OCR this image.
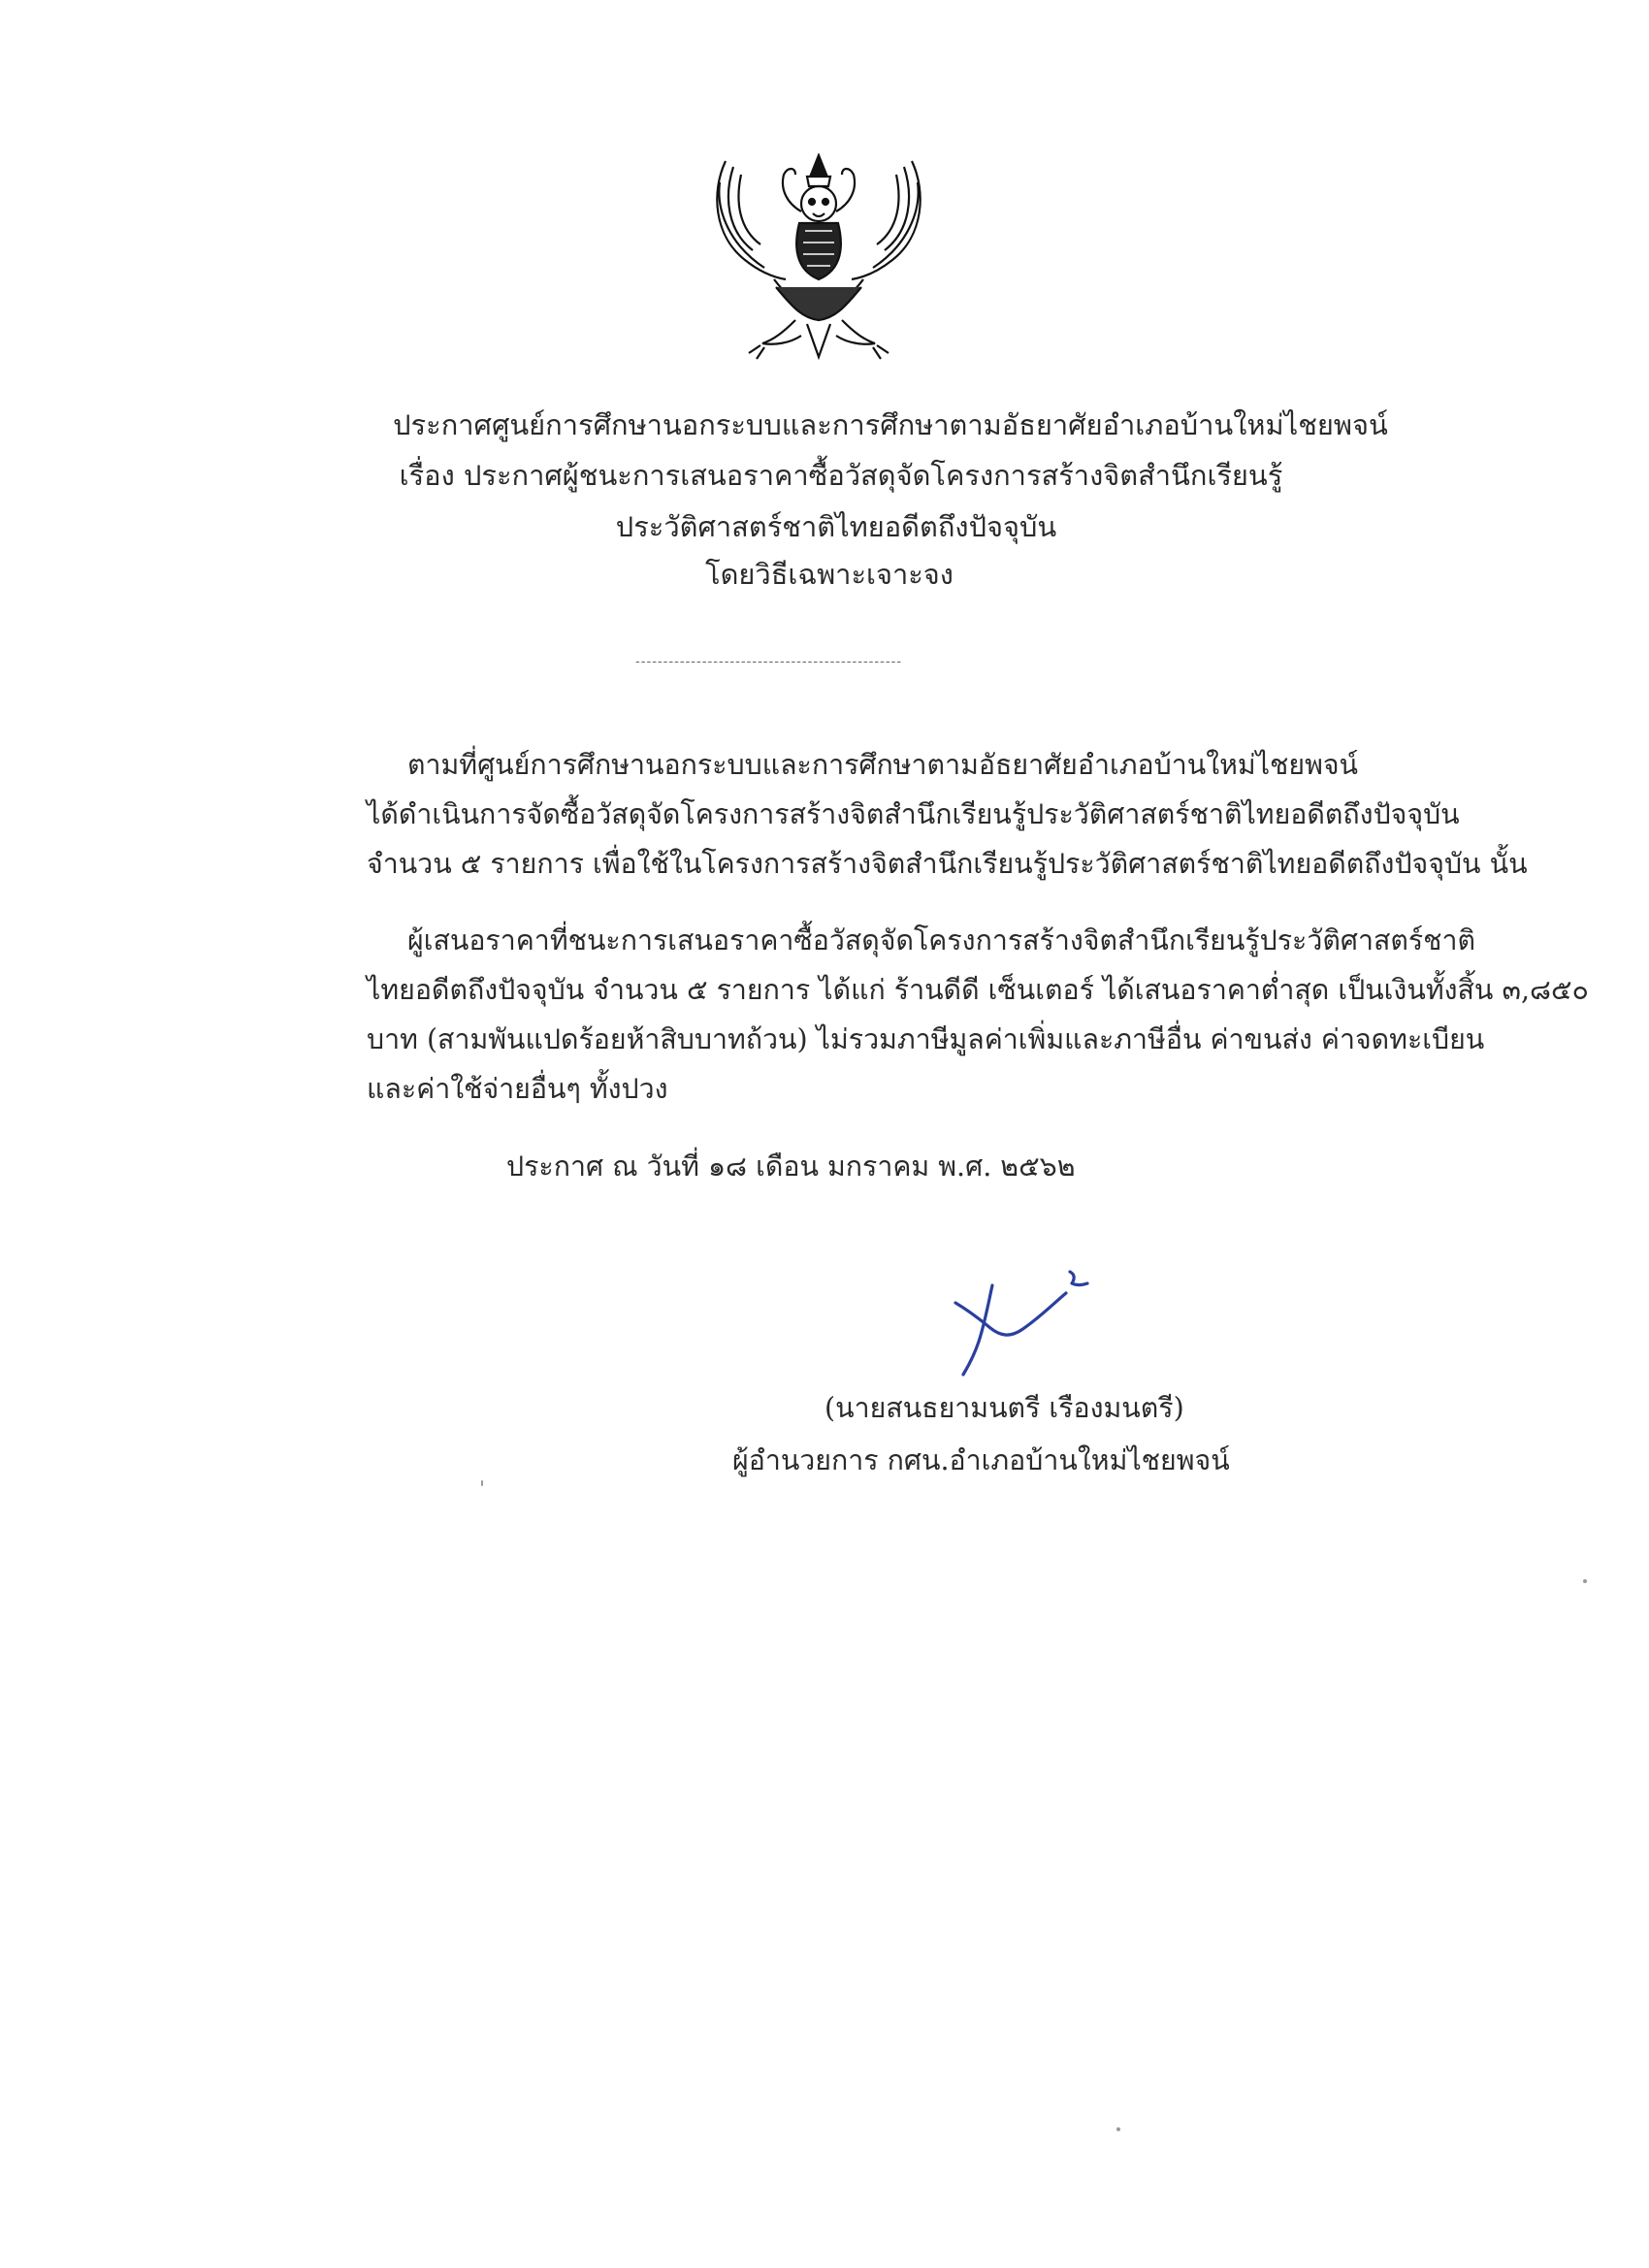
ประกาศศูนย์การศึกษานอกระบบและการศึกษาตามอัธยาศัยอำเภอบ้านใหม่ไชยพจน์
เรื่อง ประกาศผู้ชนะการเสนอราคาซื้อวัสดุจัดโครงการสร้างจิตสำนึกเรียนรู้
ประวัติศาสตร์ชาติไทยอดีตถึงปัจจุบัน
โดยวิธีเฉพาะเจาะจง
------------------------------------------------
ตามที่ศูนย์การศึกษานอกระบบและการศึกษาตามอัธยาศัยอำเภอบ้านใหม่ไชยพจน์
ได้ดำเนินการจัดซื้อวัสดุจัดโครงการสร้างจิตสำนึกเรียนรู้ประวัติศาสตร์ชาติไทยอดีตถึงปัจจุบัน
จำนวน ๕ รายการ เพื่อใช้ในโครงการสร้างจิตสำนึกเรียนรู้ประวัติศาสตร์ชาติไทยอดีตถึงปัจจุบัน นั้น
ผู้เสนอราคาที่ชนะการเสนอราคาซื้อวัสดุจัดโครงการสร้างจิตสำนึกเรียนรู้ประวัติศาสตร์ชาติ
ไทยอดีตถึงปัจจุบัน จำนวน ๕ รายการ ได้แก่ ร้านดีดี เซ็นเตอร์ ได้เสนอราคาต่ำสุด เป็นเงินทั้งสิ้น ๓,๘๕๐
บาท (สามพันแปดร้อยห้าสิบบาทถ้วน) ไม่รวมภาษีมูลค่าเพิ่มและภาษีอื่น ค่าขนส่ง ค่าจดทะเบียน
และค่าใช้จ่ายอื่นๆ ทั้งปวง
ประกาศ ณ วันที่ ๑๘ เดือน มกราคม พ.ศ. ๒๕๖๒
(นายสนธยามนตรี เรืองมนตรี)
ผู้อำนวยการ กศน.อำเภอบ้านใหม่ไชยพจน์
